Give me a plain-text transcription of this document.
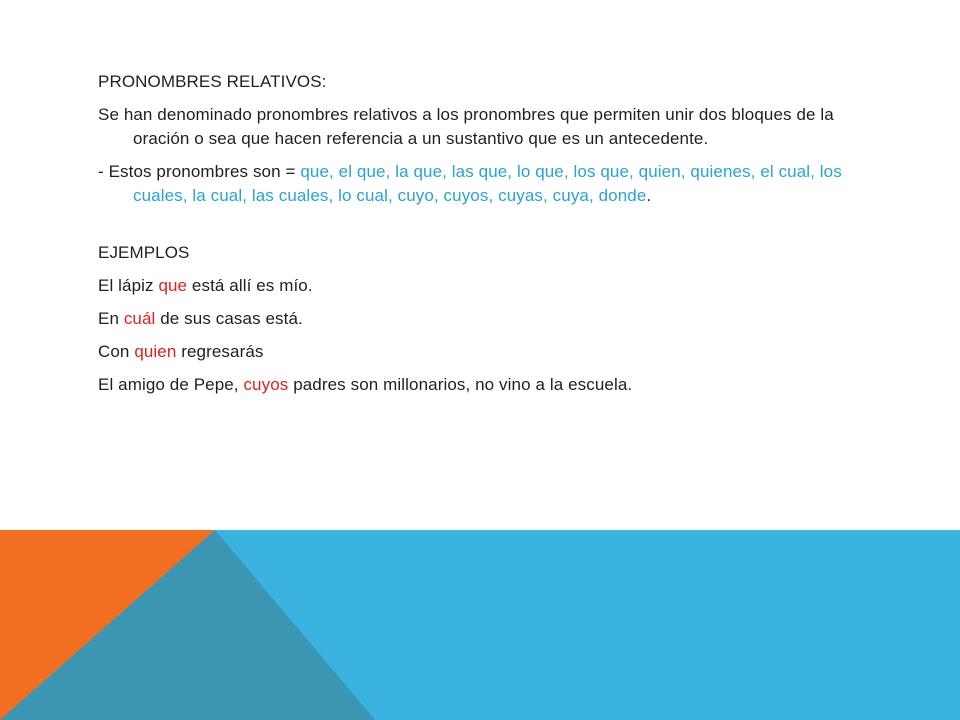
PRONOMBRES RELATIVOS:

Se han denominado pronombres relativos a los pronombres que permiten unir dos bloques de la oración o sea que hacen referencia a un sustantivo que es un antecedente.

- Estos pronombres son = que, el que, la que, las que, lo que, los que, quien, quienes, el cual, los cuales, la cual, las cuales, lo cual, cuyo, cuyos, cuyas, cuya, donde.

EJEMPLOS

El lápiz que está allí es mío.

En cuál de sus casas está.

Con quien regresarás

El amigo de Pepe, cuyos padres son millonarios, no vino a la escuela.
